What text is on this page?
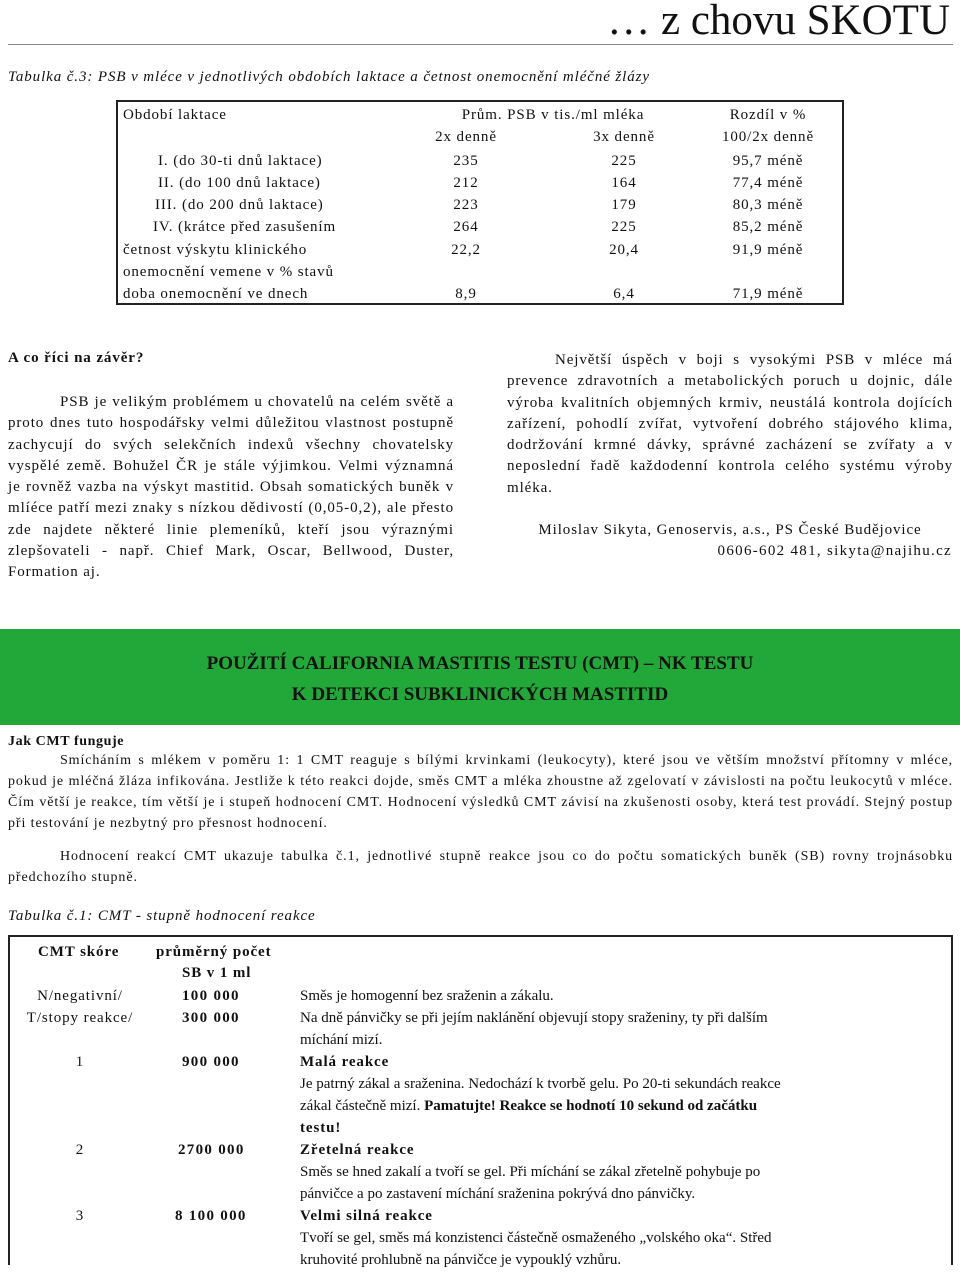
… z chovu SKOTU
Tabulka č.3: PSB v mléce v jednotlivých obdobích laktace a četnost onemocnění mléčné žlázy
Období laktace	Prům. PSB v tis./ml mléka	Rozdíl v %
2x denně	3x denně	100/2x denně
I. (do 30-ti dnů laktace)	235	225	95,7 méně
II. (do 100 dnů laktace)	212	164	77,4 méně
III. (do 200 dnů laktace)	223	179	80,3 méně
IV. (krátce před zasušením	264	225	85,2 méně
četnost výskytu klinického	22,2	20,4	91,9 méně
onemocnění vemene v % stavů
doba onemocnění ve dnech	8,9	6,4	71,9 méně
A co říci na závěr?
PSB je velikým problémem u chovatelů na celém světě a proto dnes tuto hospodářsky velmi důležitou vlastnost postupně zachycují do svých selekčních indexů všechny chovatelsky vyspělé země. Bohužel ČR je stále výjimkou. Velmi významná je rovněž vazba na výskyt mastitid. Obsah somatických buněk v mlíéce patří mezi znaky s nízkou dědivostí (0,05-0,2), ale přesto zde najdete některé linie plemeníků, kteří jsou výraznými zlepšovateli - např. Chief Mark, Oscar, Bellwood, Duster, Formation aj.
Největší úspěch v boji s vysokými PSB v mléce má prevence zdravotních a metabolických poruch u dojnic, dále výroba kvalitních objemných krmiv, neustálá kontrola dojících zařízení, pohodlí zvířat, vytvoření dobrého stájového klima, dodržování krmné dávky, správné zacházení se zvířaty a v neposlední řadě každodenní kontrola celého systému výroby mléka.
Miloslav Sikyta, Genoservis, a.s., PS České Budějovice
0606-602 481, sikyta@najihu.cz
POUŽITÍ CALIFORNIA MASTITIS TESTU (CMT) – NK TESTU
K DETEKCI SUBKLINICKÝCH MASTITID
Jak CMT funguje
Smícháním s mlékem v poměru 1: 1 CMT reaguje s bílými krvinkami (leukocyty), které jsou ve větším množství přítomny v mléce, pokud je mléčná žláza infikována. Jestliže k této reakci dojde, směs CMT a mléka zhoustne až zgelovatí v závislosti na počtu leukocytů v mléce. Čím větší je reakce, tím větší je i stupeň hodnocení CMT. Hodnocení výsledků CMT závisí na zkušenosti osoby, která test provádí. Stejný postup při testování je nezbytný pro přesnost hodnocení.
Hodnocení reakcí CMT ukazuje tabulka č.1, jednotlivé stupně reakce jsou co do počtu somatických buněk (SB) rovny trojnásobku předchozího stupně.
Tabulka č.1: CMT - stupně hodnocení reakce
CMT skóre průměrný počet
SB v 1 ml
N/negativní/	100 000	Směs je homogenní bez sraženin a zákalu.
T/stopy reakce/	300 000	Na dně pánvičky se při jejím naklánění objevují stopy sraženiny, ty při dalším
míchání mizí.
1	900 000	Malá reakce
Je patrný zákal a sraženina. Nedochází k tvorbě gelu. Po 20-ti sekundách reakce
zákal částečně mizí. Pamatujte! Reakce se hodnotí 10 sekund od začátku
testu!
2	2700 000	Zřetelná reakce
Směs se hned zakalí a tvoří se gel. Při míchání se zákal zřetelně pohybuje po
pánvičce a po zastavení míchání sraženina pokrývá dno pánvičky.
3	8 100 000	Velmi silná reakce
Tvoří se gel, směs má konzistenci částečně osmaženého „volského oka“. Střed
kruhovité prohlubně na pánvičce je vypouklý vzhůru.
